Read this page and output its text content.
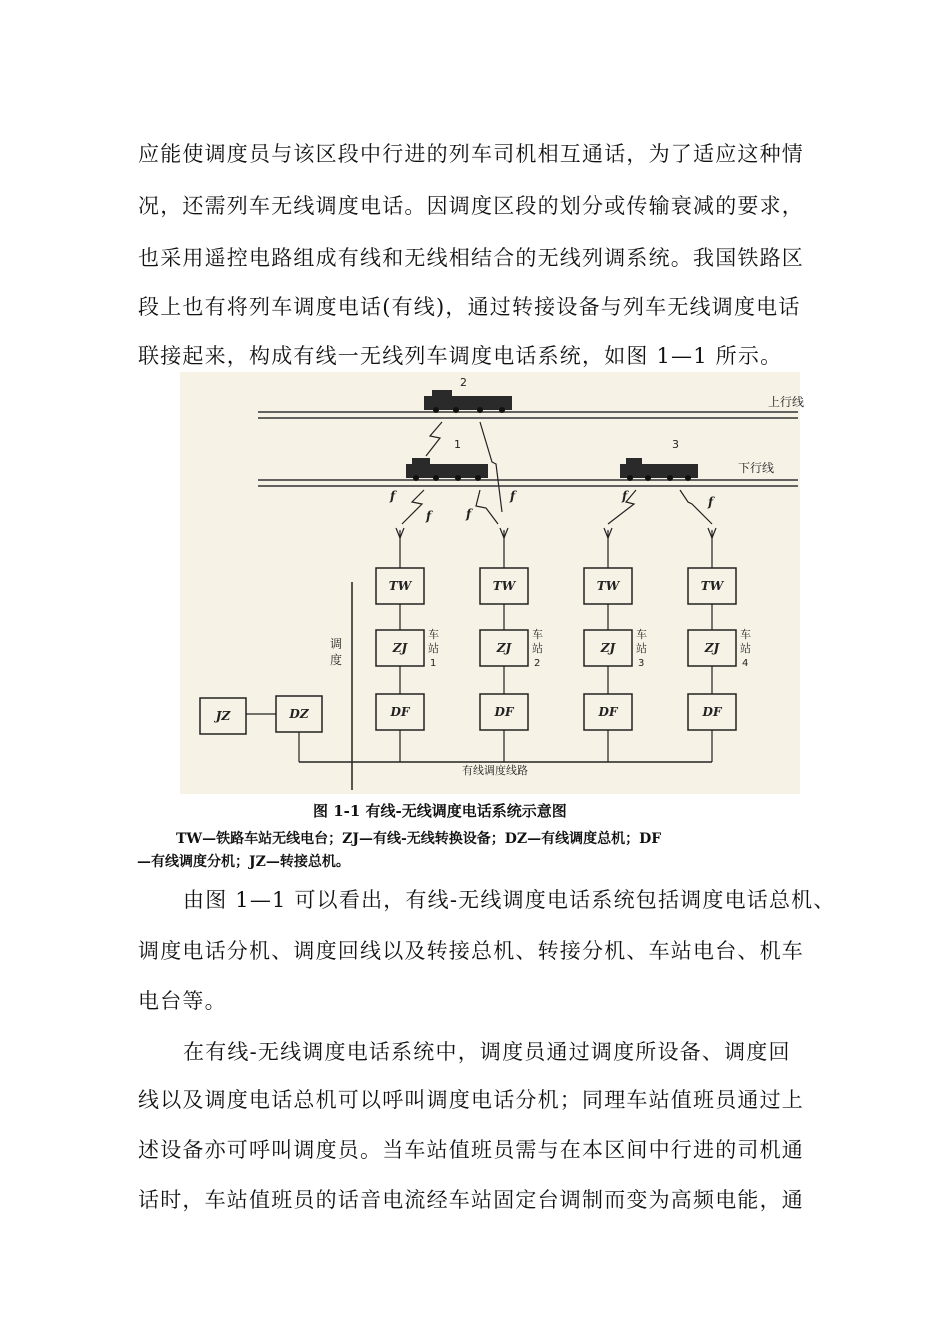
应能使调度员与该区段中行进的列车司机相互通话，为了适应这种情
况，还需列车无线调度电话。因调度区段的划分或传输衰减的要求，
也采用遥控电路组成有线和无线相结合的无线列调系统。我国铁路区
段上也有将列车调度电话(有线)，通过转接设备与列车无线调度电话
联接起来，构成有线一无线列车调度电话系统，如图 1—1 所示。
上行线
下行线
2
1	3
f
f	f
f	f	f
调
度
TW
ZJ
DF
车
站
1
TW
ZJ
DF
车
站
2
TW
ZJ
DF
车
站
3
TW
ZJ
DF
车
站
4
JZ	DZ
有线调度线路
图 1-1 有线-无线调度电话系统示意图
TW—铁路车站无线电台；ZJ—有线-无线转换设备；DZ—有线调度总机；DF
—有线调度分机；JZ—转接总机。
由图 1—1 可以看出，有线-无线调度电话系统包括调度电话总机、
调度电话分机、调度回线以及转接总机、转接分机、车站电台、机车
电台等。
在有线-无线调度电话系统中，调度员通过调度所设备、调度回
线以及调度电话总机可以呼叫调度电话分机；同理车站值班员通过上
述设备亦可呼叫调度员。当车站值班员需与在本区间中行进的司机通
话时，车站值班员的话音电流经车站固定台调制而变为高频电能，通
